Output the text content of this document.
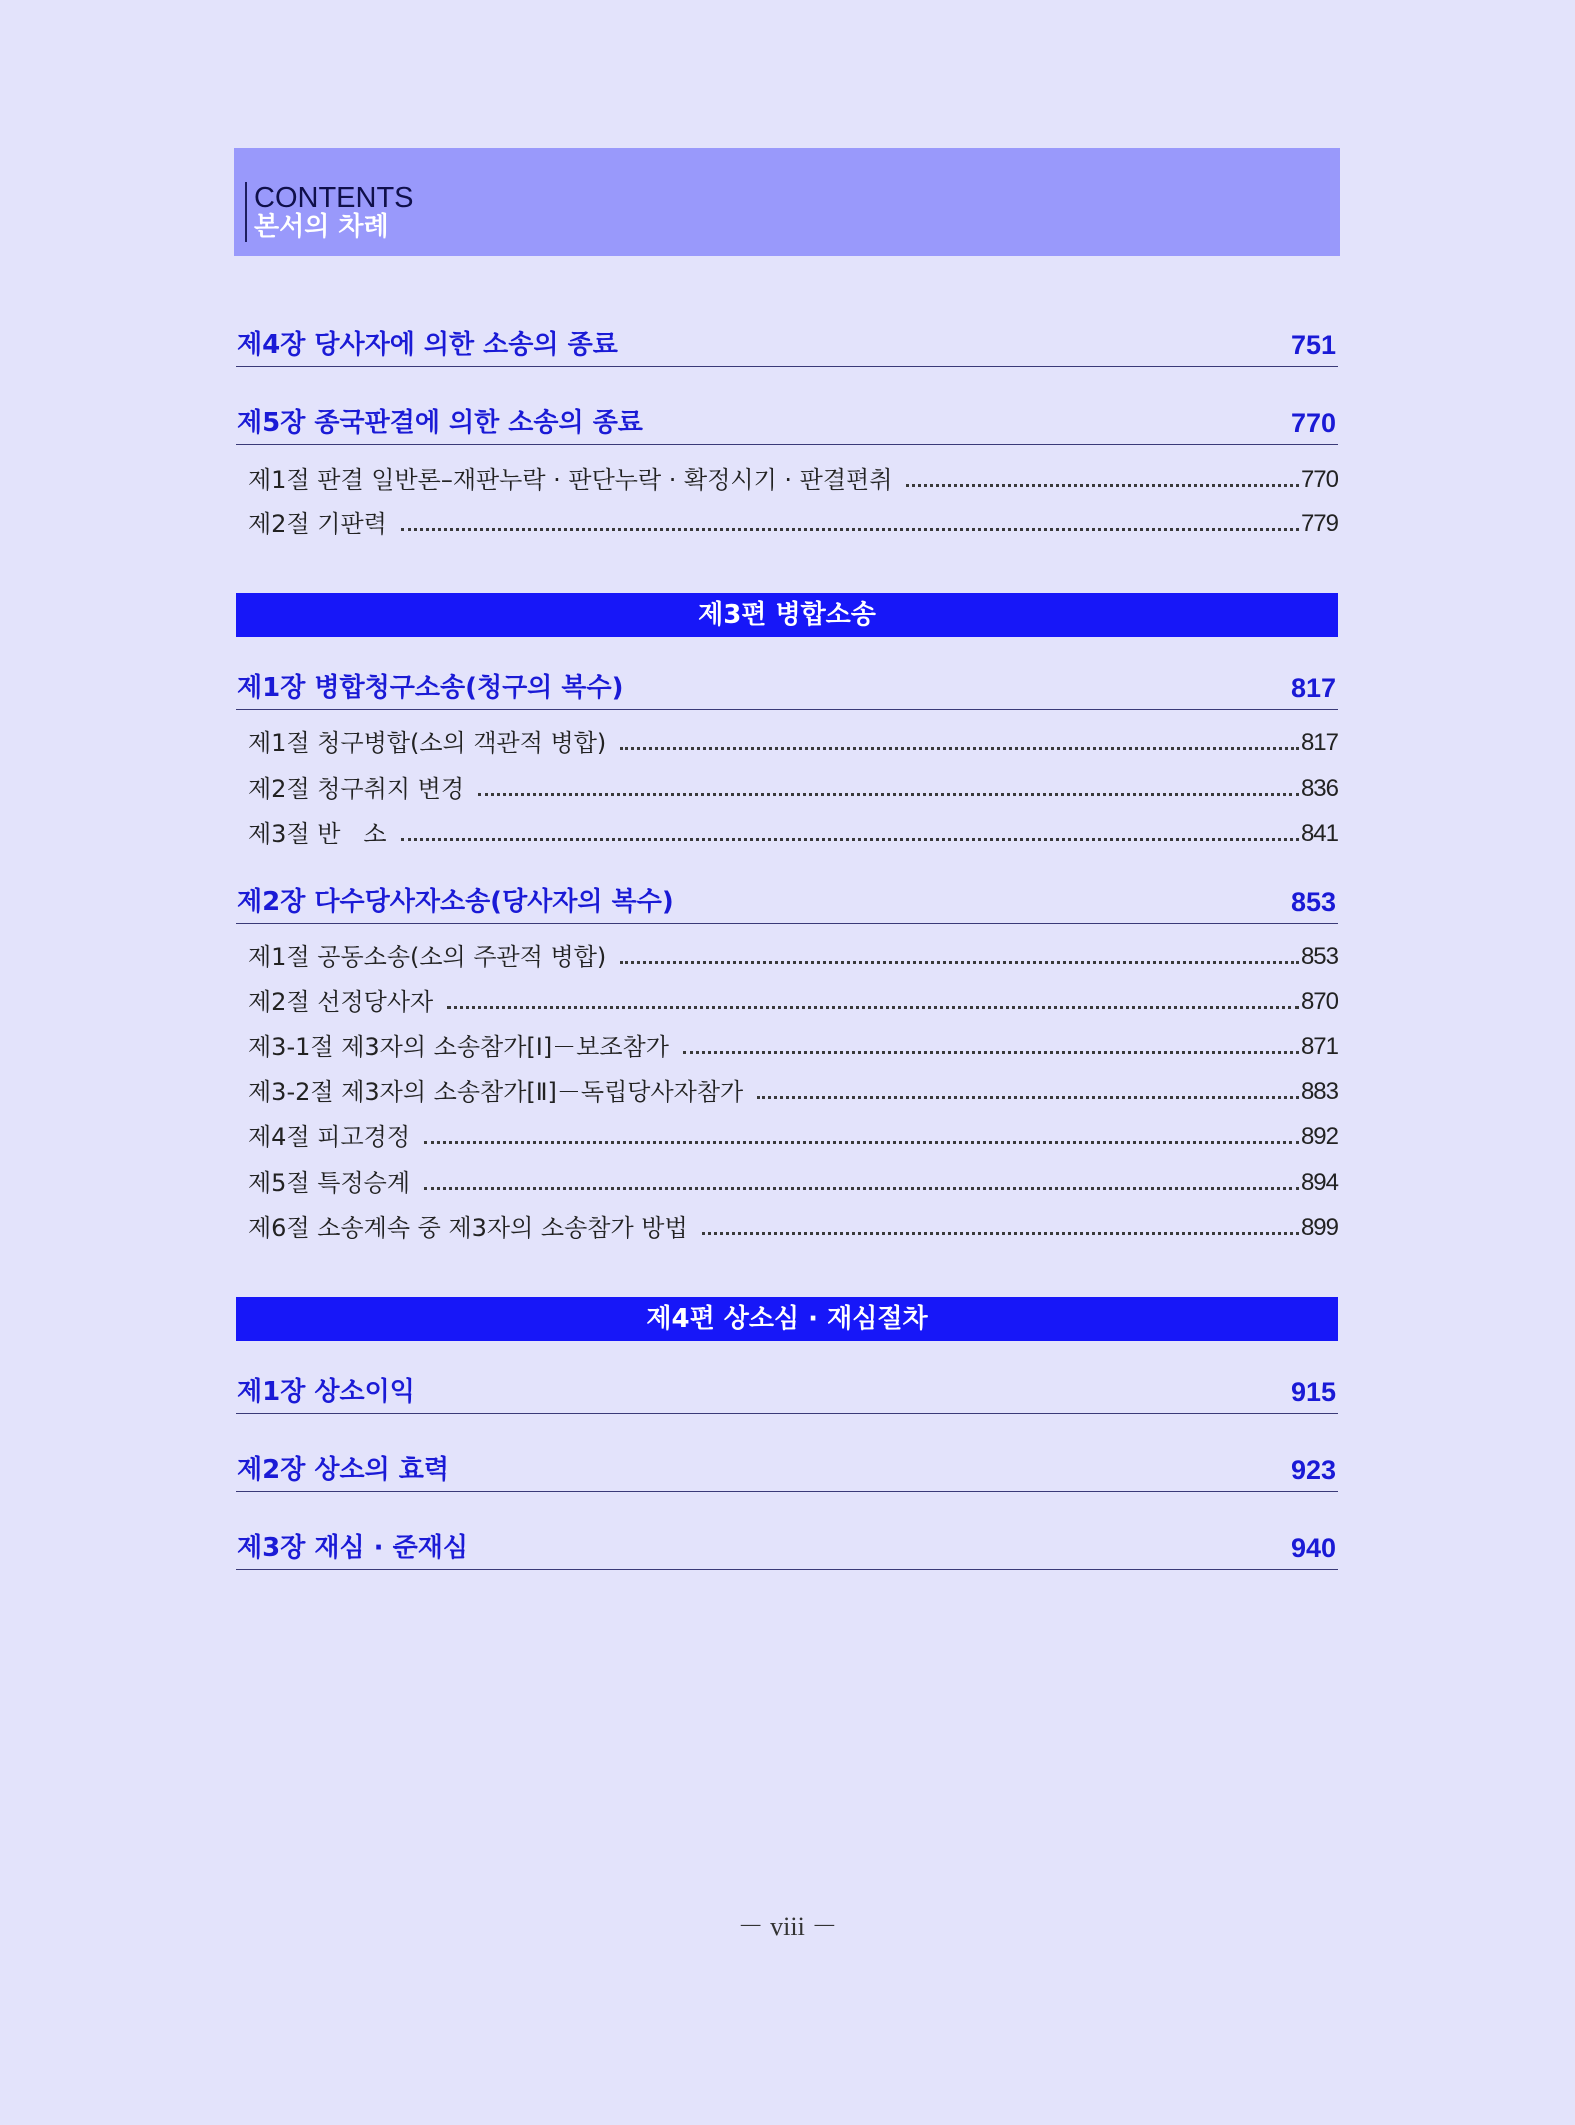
CONTENTS
본서의 차례
제4장 당사자에 의한 소송의 종료	751
제5장 종국판결에 의한 소송의 종료	770
제1절 판결 일반론–재판누락 · 판단누락 · 확정시기 · 판결편취	770
제2절 기판력	779
제3편 병합소송
제1장 병합청구소송(청구의 복수)	817
제1절 청구병합(소의 객관적 병합)	817
제2절 청구취지 변경	836
제3절 반   소	841
제2장 다수당사자소송(당사자의 복수)	853
제1절 공동소송(소의 주관적 병합)	853
제2절 선정당사자	870
제3-1절 제3자의 소송참가[Ⅰ]－보조참가	871
제3-2절 제3자의 소송참가[Ⅱ]－독립당사자참가	883
제4절 피고경정	892
제5절 특정승계	894
제6절 소송계속 중 제3자의 소송참가 방법	899
제4편 상소심 · 재심절차
제1장 상소이익	915
제2장 상소의 효력	923
제3장 재심 · 준재심	940
－ viii －
